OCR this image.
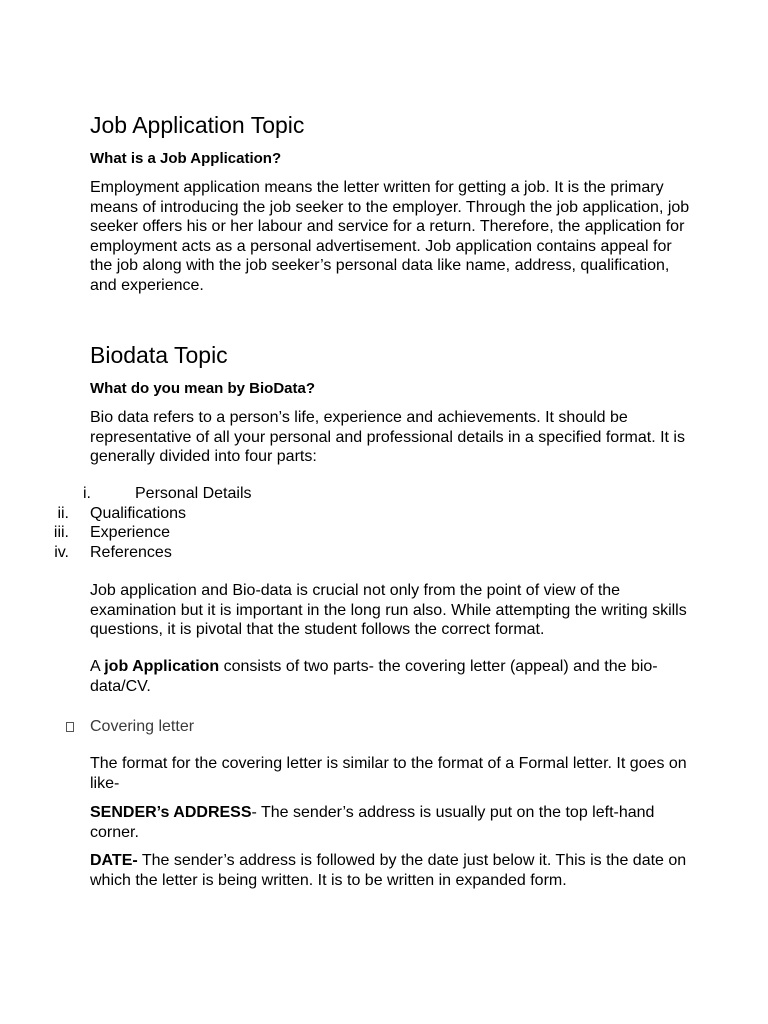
Job Application Topic
What is a Job Application?

Employment application means the letter written for getting a job. It is the primary means of introducing the job seeker to the employer. Through the job application, job seeker offers his or her labour and service for a return. Therefore, the application for employment acts as a personal advertisement. Job application contains appeal for the job along with the job seeker’s personal data like name, address, qualification, and experience.

Biodata Topic
What do you mean by BioData?

Bio data refers to a person’s life, experience and achievements. It should be representative of all your personal and professional details in a specified format. It is generally divided into four parts:

i.	Personal Details
ii. Qualifications
iii. Experience
iv. References

Job application and Bio-data is crucial not only from the point of view of the examination but it is important in the long run also. While attempting the writing skills questions, it is pivotal that the student follows the correct format.

A job Application consists of two parts- the covering letter (appeal) and the bio-data/CV.

Covering letter

The format for the covering letter is similar to the format of a Formal letter. It goes on like-

SENDER’s ADDRESS- The sender’s address is usually put on the top left-hand corner.

DATE- The sender’s address is followed by the date just below it. This is the date on which the letter is being written. It is to be written in expanded form.
